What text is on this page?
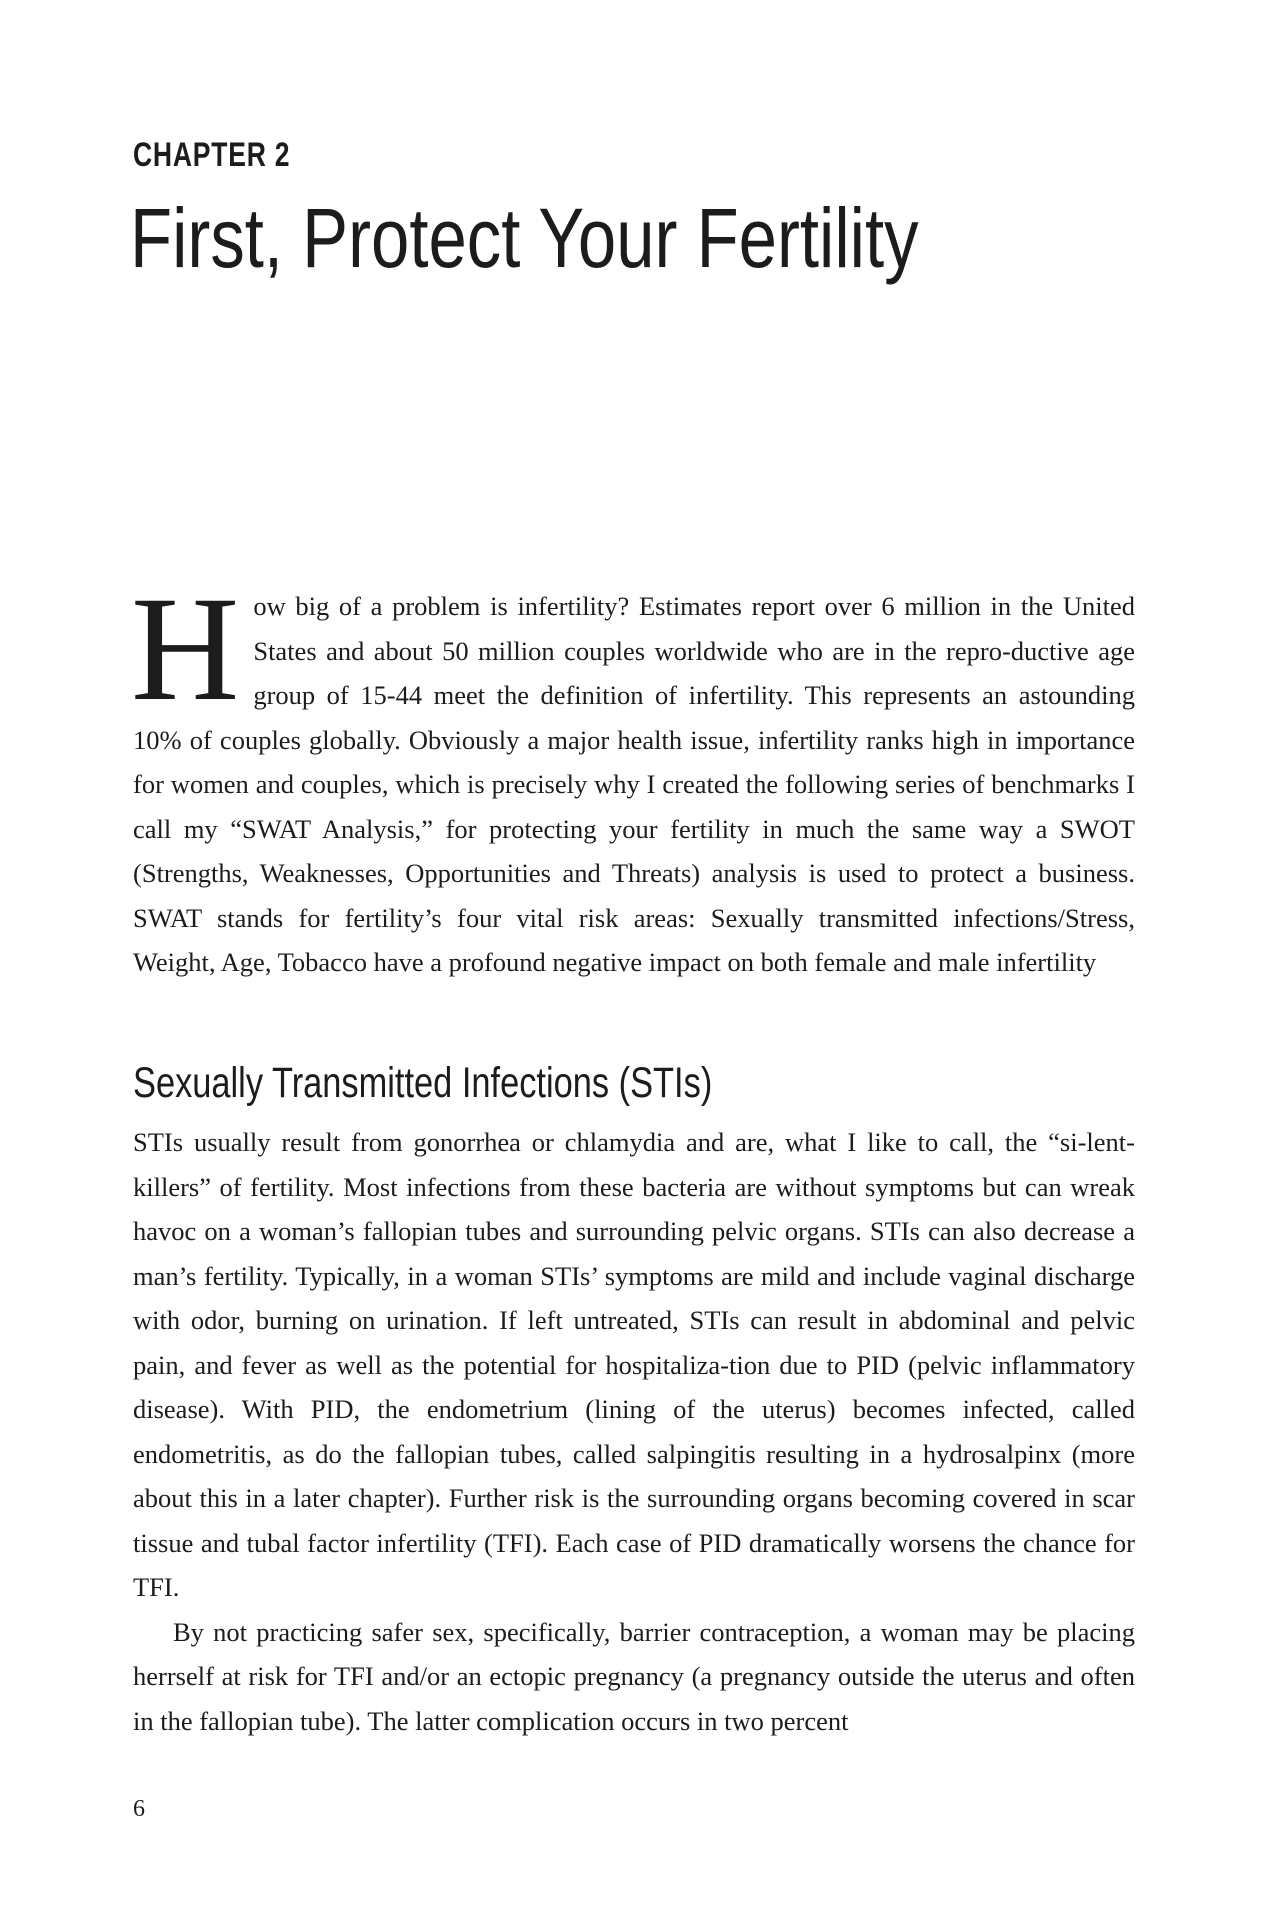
CHAPTER 2
First, Protect Your Fertility
How big of a problem is infertility? Estimates report over 6 million in the United States and about 50 million couples worldwide who are in the repro-ductive age group of 15-44 meet the definition of infertility. This represents an astounding 10% of couples globally. Obviously a major health issue, infertility ranks high in importance for women and couples, which is precisely why I created the following series of benchmarks I call my “SWAT Analysis,” for protecting your fertility in much the same way a SWOT (Strengths, Weaknesses, Opportunities and Threats) analysis is used to protect a business. SWAT stands for fertility’s four vital risk areas: Sexually transmitted infections/Stress, Weight, Age, Tobacco have a profound negative impact on both female and male infertility
Sexually Transmitted Infections (STIs)

STIs usually result from gonorrhea or chlamydia and are, what I like to call, the “si-lent-killers” of fertility. Most infections from these bacteria are without symptoms but can wreak havoc on a woman’s fallopian tubes and surrounding pelvic organs. STIs can also decrease a man’s fertility. Typically, in a woman STIs’ symptoms are mild and include vaginal discharge with odor, burning on urination. If left untreated, STIs can result in abdominal and pelvic pain, and fever as well as the potential for hospitaliza-tion due to PID (pelvic inflammatory disease). With PID, the endometrium (lining of the uterus) becomes infected, called endometritis, as do the fallopian tubes, called salpingitis resulting in a hydrosalpinx (more about this in a later chapter). Further risk is the surrounding organs becoming covered in scar tissue and tubal factor infertility (TFI). Each case of PID dramatically worsens the chance for TFI.

By not practicing safer sex, specifically, barrier contraception, a woman may be placing herrself at risk for TFI and/or an ectopic pregnancy (a pregnancy outside the uterus and often in the fallopian tube). The latter complication occurs in two percent

6
